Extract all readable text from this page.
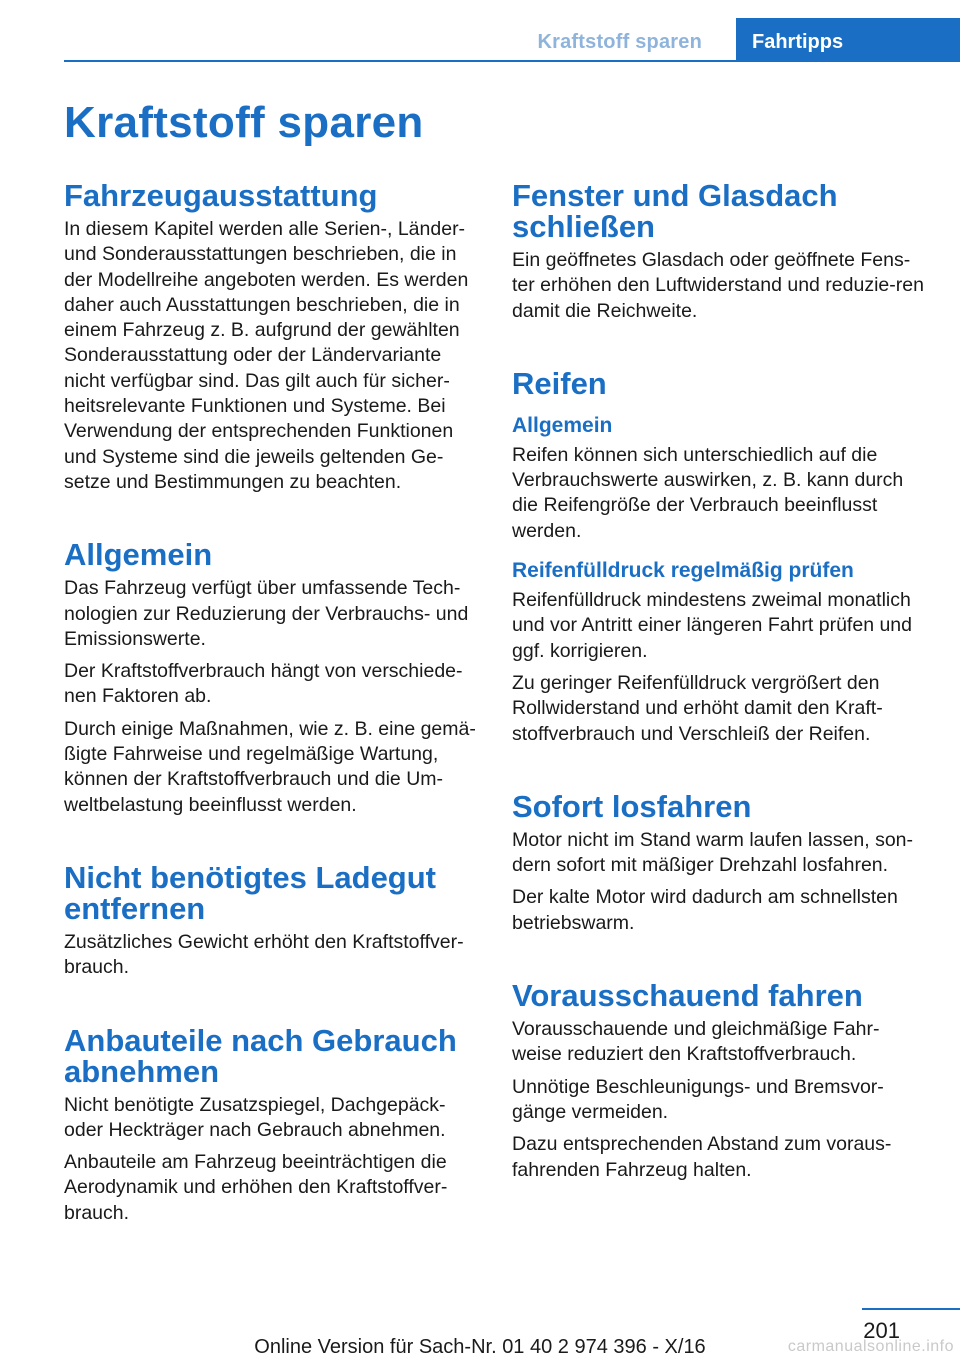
Kraftstoff sparen	Fahrtipps
Kraftstoff sparen
Fahrzeugausstattung

In diesem Kapitel werden alle Serien-, Länder- und Sonderausstattungen beschrieben, die in der Modellreihe angeboten werden. Es werden daher auch Ausstattungen beschrieben, die in einem Fahrzeug z. B. aufgrund der gewählten Sonderausstattung oder der Ländervariante nicht verfügbar sind. Das gilt auch für sicher-heitsrelevante Funktionen und Systeme. Bei Verwendung der entsprechenden Funktionen und Systeme sind die jeweils geltenden Ge-setze und Bestimmungen zu beachten.

Allgemein

Das Fahrzeug verfügt über umfassende Tech-nologien zur Reduzierung der Verbrauchs- und Emissionswerte.

Der Kraftstoffverbrauch hängt von verschiede-nen Faktoren ab.

Durch einige Maßnahmen, wie z. B. eine gemä-ßigte Fahrweise und regelmäßige Wartung, können der Kraftstoffverbrauch und die Um-weltbelastung beeinflusst werden.

Nicht benötigtes Ladegut entfernen

Zusätzliches Gewicht erhöht den Kraftstoffver-brauch.

Anbauteile nach Gebrauch abnehmen

Nicht benötigte Zusatzspiegel, Dachgepäck- oder Heckträger nach Gebrauch abnehmen.

Anbauteile am Fahrzeug beeinträchtigen die Aerodynamik und erhöhen den Kraftstoffver-brauch.

Fenster und Glasdach schließen

Ein geöffnetes Glasdach oder geöffnete Fens-ter erhöhen den Luftwiderstand und reduzie-ren damit die Reichweite.

Reifen
Allgemein

Reifen können sich unterschiedlich auf die Verbrauchswerte auswirken, z. B. kann durch die Reifengröße der Verbrauch beeinflusst werden.

Reifenfülldruck regelmäßig prüfen

Reifenfülldruck mindestens zweimal monatlich und vor Antritt einer längeren Fahrt prüfen und ggf. korrigieren.

Zu geringer Reifenfülldruck vergrößert den Rollwiderstand und erhöht damit den Kraft-stoffverbrauch und Verschleiß der Reifen.

Sofort losfahren

Motor nicht im Stand warm laufen lassen, son-dern sofort mit mäßiger Drehzahl losfahren.

Der kalte Motor wird dadurch am schnellsten betriebswarm.

Vorausschauend fahren

Vorausschauende und gleichmäßige Fahr-weise reduziert den Kraftstoffverbrauch.

Unnötige Beschleunigungs- und Bremsvor-gänge vermeiden.

Dazu entsprechenden Abstand zum voraus-fahrenden Fahrzeug halten.

201
Online Version für Sach-Nr. 01 40 2 974 396 - X/16	carmanualsonline.info
